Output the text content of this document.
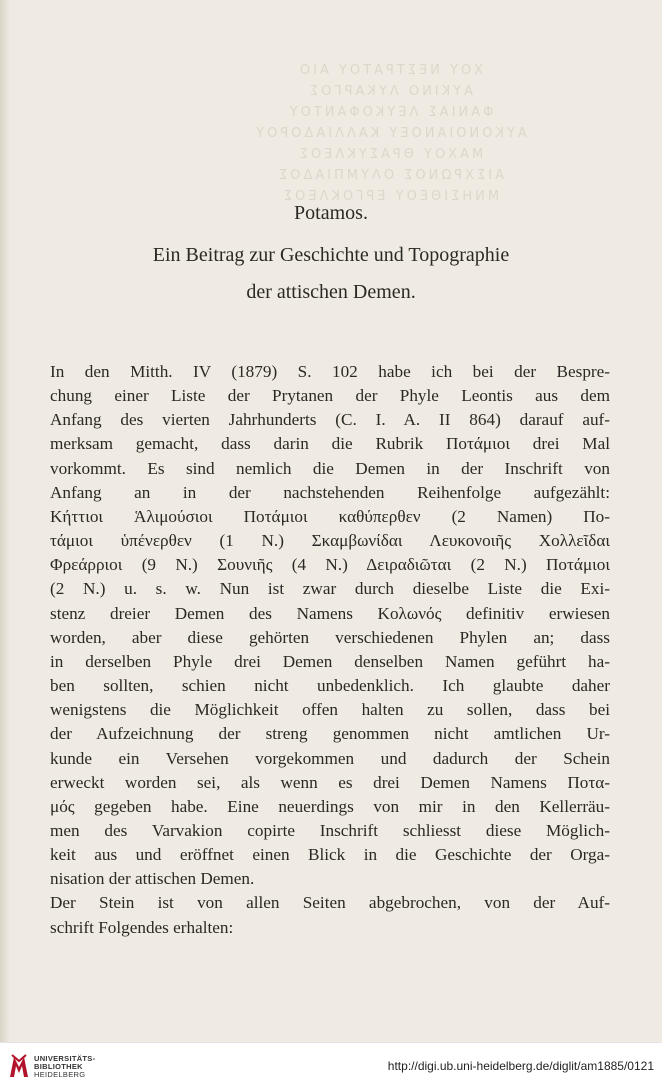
ΧΟΥ ΝΕΣΤΡΑΤΟΥ ΑΙΟ
ΑΥΚΙΝΟ ΛΥΚΑΡΓΟΣ
ΦΑΝΙΑΣ ΛΕΥΚΟΦΑΝΤΟΥ
ΑΥΚΟΝΟΙΑΝΟΕΥ ΚΑΛΛΙΑΔΟΡΟΥ
ΜΑΧΟΥ ΘΡΑΣΥΚΛΕΟΣ
ΑΙΣΧΡΩΝΟΣ ΟΛΥΜΠΙΑΔΟΣ
ΜΝΗΣΙΘΕΟΥ ΕΡΓΟΚΛΕΟΣ
Potamos.
Ein Beitrag zur Geschichte und Topographie
der attischen Demen.
In den Mitth. IV (1879) S. 102 habe ich bei der Bespre-
chung einer Liste der Prytanen der Phyle Leontis aus dem
Anfang des vierten Jahrhunderts (C. I. A. II 864) darauf auf-
merksam gemacht, dass darin die Rubrik Ποτάμιοι drei Mal
vorkommt. Es sind nemlich die Demen in der Inschrift von
Anfang an in der nachstehenden Reihenfolge aufgezählt:
Κήττιοι Ἁλιμούσιοι Ποτάμιοι καθύπερθεν (2 Namen) Πο-
τάμιοι ὑπένερθεν (1 N.) Σκαμβωνίδαι Λευκονοιῆς Χολλεῖδαι
Φρεάρριοι (9 N.) Σουνιῆς (4 N.) Δειραδιῶται (2 N.) Ποτάμιοι
(2 N.) u. s. w. Nun ist zwar durch dieselbe Liste die Exi-
stenz dreier Demen des Namens Κολωνός definitiv erwiesen
worden, aber diese gehörten verschiedenen Phylen an; dass
in derselben Phyle drei Demen denselben Namen geführt ha-
ben sollten, schien nicht unbedenklich. Ich glaubte daher
wenigstens die Möglichkeit offen halten zu sollen, dass bei
der Aufzeichnung der streng genommen nicht amtlichen Ur-
kunde ein Versehen vorgekommen und dadurch der Schein
erweckt worden sei, als wenn es drei Demen Namens Ποτα-
μός gegeben habe. Eine neuerdings von mir in den Kellerräu-
men des Varvakion copirte Inschrift schliesst diese Möglich-
keit aus und eröffnet einen Blick in die Geschichte der Orga-
nisation der attischen Demen.
Der Stein ist von allen Seiten abgebrochen, von der Auf-
schrift Folgendes erhalten:
UNIVERSITÄTS-
BIBLIOTHEK
HEIDELBERG
http://digi.ub.uni-heidelberg.de/diglit/am1885/0121
